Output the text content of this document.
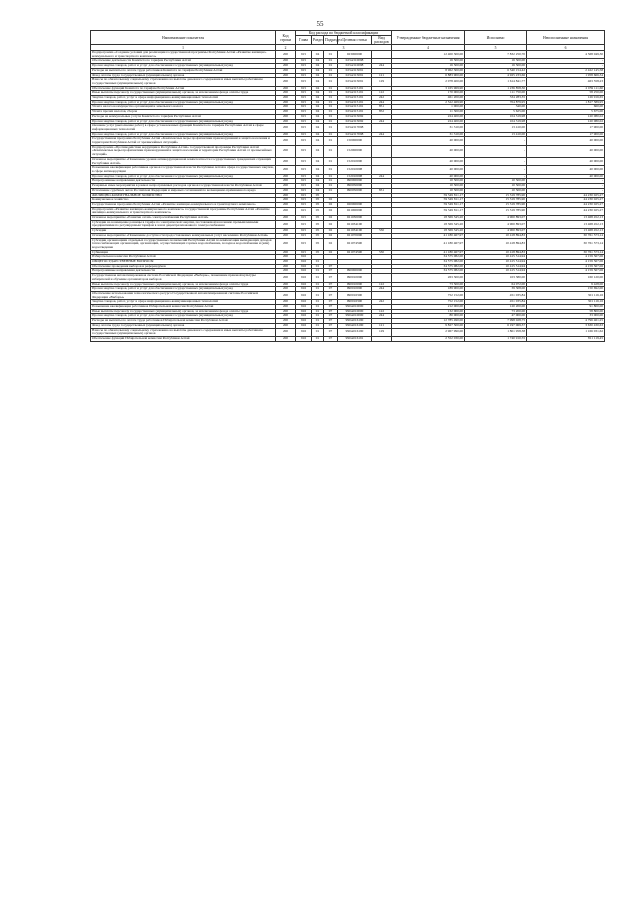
55
Наименование показателя	Код строки	Код расхода по бюджетной классификации					Утвержденные бюджетные назначения	Исполнено	Неисполненные назначения
		Глава	Раздел	Подраздел	Целевая статья	Вид расходов			
1	2	3					4	5	6
Подпрограмма «Создание условий для реализации государственной программы Республики Алтай «Развитие жилищно-коммунального и транспортного комплекса»	200	915	04	01	023000000		12 400 300,00	7 832 250,70	4 568 049,30
Обеспечение деятельности Комитета по тарифам Республики Алтай	200	915	04	01	023A310098		16 500,00	16 500,00	-
Прочая закупка товаров, работ и услуг для обеспечения государственных (муниципальных) нужд	200	915	04	01	023A310098	244	16 500,00	16 500,00	-
Расходы на выплаты по оплате труда работников Комитета по тарифам Республики Алтай	200	915	04	01	023A315091		8 962 300,00	6 540 154,42	2 422 145,58
Фонд оплаты труда государственных (муниципальных) органов	200	915	04	01	023A315091	121	6 883 900,00	4 925 233,66	1 958 666,34
Взносы по обязательному социальному страхованию на выплаты денежного содержания и иные выплаты работникам государственных (муниципальных) органов	200	915	04	01	023A315091	129	2 078 400,00	1 614 841,77	463 558,23
Обеспечение функций Комитета по тарифам Республики Алтай	200	915	04	01	023A315191		3 165 969,90	1 236 858,30	2 059 111,60
Иные выплаты персоналу государственных (муниципальных) органов, за исключением фонда оплаты труда	200	915	04	01	023A315191	122	170 000,00	111 750,00	58 250,00
Закупка товаров, работ, услуг в сфере информационно-коммуникационных технологий	200	915	04	01	023A315191	242	461 200,00	334 283,35	126 916,65
Прочая закупка товаров, работ и услуг для обеспечения государственных (муниципальных) нужд	200	915	04	01	023A315191	244	2 522 469,90	704 879,95	1 817 589,95
Уплата налога на имущество организаций и земельного налога	200	915	04	01	023A315191	851	1 000,00	340,00	660,00
Уплата прочих налогов, сборов	200	915	04	01	023A315191	852	11 300,00	5 625,00	5 675,00
Расходы на коммунальные услуги Комитета по тарифам Республики Алтай	200	915	04	01	023A315092		224 400,00	104 319,98	120 080,02
Прочая закупка товаров, работ и услуг для обеспечения государственных (муниципальных) нужд	200	915	04	01	023A315092	244	224 400,00	104 319,98	120 080,02
Оказание услуг (выполнение работ) в сфере установленных функций Комитета по тарифам Республики Алтай в сфере информационных технологий	200	915	04	01	023A317098		31 310,00	13 410,00	17 900,00
Прочая закупка товаров, работ и услуг для обеспечения государственных (муниципальных) нужд	200	915	04	01	023A317098	244	31 310,00	13 410,00	17 900,00
Государственная программа Республики Алтай «Комплексные меры профилактики правонарушений и защита населения и территории Республики Алтай от чрезвычайных ситуаций»	200	915	04	01	150000000		40 000,00	-	40 000,00
Подпрограмма «Противодействие коррупции в Республике Алтай» государственной программы Республики Алтай «Комплексные меры профилактики правонарушений и защита населения и территории Республики Алтай от чрезвычайных ситуаций»	200	915	04	01	152000000		40 000,00	-	40 000,00
Основное мероприятие «Повышение уровня антикоррупционной компетентности государственных гражданских служащих Республики Алтай»	200	915	04	01	152010000		40 000,00	-	40 000,00
Повышение квалификации работников органов государственной власти Республики Алтай в сфере государственных закупок, в сфере антикоррупции	200	915	04	01	152010008		40 000,00	-	40 000,00
Прочая закупка товаров, работ и услуг для обеспечения государственных (муниципальных) нужд	200	915	04	01	152010008	244	40 000,00	-	40 000,00
Непрограммные направления деятельности	200	915	04	01	990000000		10 500,00	10 500,00	-
Резервные иные мероприятия в рамках непрограммных расходов органов государственной власти Республики Алтай	200	915	04	01	990050000		10 500,00	10 500,00	-
Исполнение судебных актов Российской Федерации и мировых соглашений по возмещению причиненного вреда	200	915	04	01	990050000	831	10 500,00	10 500,00	-
ЖИЛИЩНО-КОММУНАЛЬНОЕ ХОЗЯЙСТВО	200	915	05				59 549 811,17	15 319 785,90	44 230 025,27
Коммунальное хозяйство	200	915	05	02			59 549 811,17	15 319 785,90	44 230 025,27
Государственная программа Республики Алтай «Развитие жилищно-коммунального и транспортного комплекса»	200	915	05	02	020000000		59 549 811,17	15 319 785,90	44 230 025,27
Подпрограмма «Развитие жилищно-коммунального комплекса» государственной программы Республики Алтай «Развитие жилищно-коммунального и транспортного комплекса»	200	915	05	02	021000000		59 549 811,17	15 319 785,90	44 230 025,27
Основное мероприятие «Развитие сетей» электроснабжения Республики Алтай»	200	915	05	02	021030000		18 369 345,20	4 900 893,07	13 468 452,13
Субсидии на возмещение разницы в тарифе по электрической энергии, поставляемой населению промышленными предприятиями по регулируемым тарифам в зонах децентрализованного электроснабжения	200	915	05	02	021034100		18 369 345,20	4 900 893,07	13 468 452,13
Субсидии	200	915	05	02	021034100	530	18 369 345,20	4 900 893,07	13 468 452,13
Основное мероприятие «Повышение доступности предоставляемых коммунальных услуг населению Республики Алтай»	200	915	05	02	021070000		41 180 467,97	10 418 894,83	30 761 573,14
Субсидии организациям отдельных государственных полномочий Республики Алтай по компенсации выпадающих доходов теплоснабжающих организаций, организаций, осуществляющих горячее водоснабжение, холодное водоснабжение и (или) водоотведение	200	915	05	02	021074590		41 180 467,97	10 418 894,83	30 761 573,14
Субвенции	200	915	05	02	021074590	530	41 180 467,97	10 418 894,83	30 761 573,14
Избирательная комиссия Республики Алтай	200	916					34 575 082,00	10 415 514,94	4 159 567,06
ОБЩЕГОСУДАРСТВЕННЫЕ ВОПРОСЫ	200	916	01				34 575 082,00	10 415 514,94	4 159 567,06
Обеспечение проведения выборов и референдумов	200	916	01	07			34 575 082,00	10 415 514,94	4 159 567,06
Непрограммные направления деятельности	200	916	01	07	990000000		34 575 082,00	10 415 514,94	4 159 567,06
Государственная автоматизированная система Российской Федерации «Выборы», повышение правовой культуры избирателей и обучение организаторов выборов	200	916	01	07	990010000		263 300,00	103 380,00	160 120,00
Иные выплаты персоналу государственных (муниципальных) органов, за исключением фонда оплаты труда	200	916	01	07	990010000	122	73 500,00	64 072,00	9 428,00
Прочая закупка товаров, работ и услуг для обеспечения государственных (муниципальных) нужд	200	916	01	07	990010000	244	189 900,00	39 308,00	150 692,00
Обеспечение использования технологического ресурса Государственной автоматизированной системы Российской Федерации «Выборы»	200	916	01	07	990016300		752 152,00	451 035,84	301 116,16
Закупка товаров, работ, услуг в сфере информационно-коммуникационных технологий	200	916	01	07	990016300	242	752 152,00	451 035,84	301 116,16
Повышение квалификации работников Избирательной комиссии Республики Алтай	200	916	01	07	990A010000		212 000,00	120 200,00	91 800,00
Иные выплаты персоналу государственных (муниципальных) органов, за исключением фонда оплаты труда	200	916	01	07	990A010000	122	132 000,00	73 200,00	58 800,00
Прочая закупка товаров, работ и услуг для обеспечения государственных (муниципальных) нужд	200	916	01	07	990A010000	244	80 000,00	47 000,00	33 000,00
Расходы на выплаты по оплате труда работников Избирательной комиссии Республики Алтай	200	916	01	07	990A016190		12 785 490,00	7 998 028,75	4 796 461,25
Фонд оплаты труда государственных (муниципальных) органов	200	916	01	07	990A016190	121	9 827 500,00	6 197 069,37	3 630 430,63
Взносы по обязательному социальному страхованию на выплаты денежного содержания и иные выплаты работникам государственных (муниципальных) органов	200	916	01	07	990A016190	129	2 967 990,00	1 801 958,38	1 166 031,62
Обеспечение функций Избирательной комиссии Республики Алтай	200	916	01	07	990A016191		2 552 030,00	1 740 910,55	811 119,45
